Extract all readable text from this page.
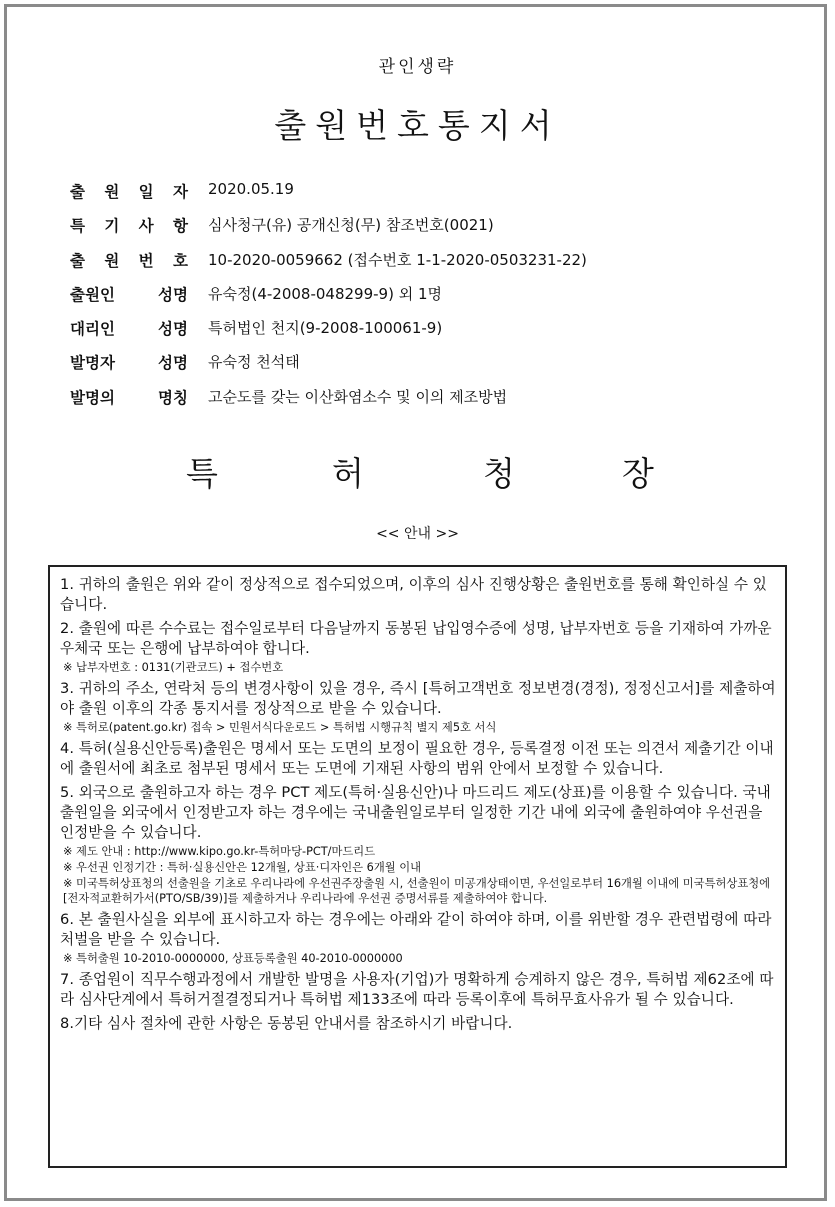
관인생략
출원번호통지서
출 원 일 자 2020.05.19
특 기 사 항 심사청구(유) 공개신청(무) 참조번호(0021)
출 원 번 호 10-2020-0059662 (접수번호 1-1-2020-0503231-22)
출원인	성명 유숙정(4-2008-048299-9) 외 1명
대리인	성명 특허법인 천지(9-2008-100061-9)
발명자	성명 유숙정 천석태
발명의	명칭 고순도를 갖는 이산화염소수 및 이의 제조방법
특	허	청	장
<< 안내 >>

1. 귀하의 출원은 위와 같이 정상적으로 접수되었으며, 이후의 심사 진행상황은 출원번호를 통해 확인하실 수 있습니다.

2. 출원에 따른 수수료는 접수일로부터 다음날까지 동봉된 납입영수증에 성명, 납부자번호 등을 기재하여 가까운 우체국 또는 은행에 납부하여야 합니다.

※ 납부자번호 : 0131(기관코드) + 접수번호

3. 귀하의 주소, 연락처 등의 변경사항이 있을 경우, 즉시 [특허고객번호 정보변경(경정), 정정신고서]를 제출하여야 출원 이후의 각종 통지서를 정상적으로 받을 수 있습니다.

※ 특허로(patent.go.kr) 접속 > 민원서식다운로드 > 특허법 시행규칙 별지 제5호 서식

4. 특허(실용신안등록)출원은 명세서 또는 도면의 보정이 필요한 경우, 등록결정 이전 또는 의견서 제출기간 이내에 출원서에 최초로 첨부된 명세서 또는 도면에 기재된 사항의 범위 안에서 보정할 수 있습니다.

5. 외국으로 출원하고자 하는 경우 PCT 제도(특허·실용신안)나 마드리드 제도(상표)를 이용할 수 있습니다. 국내출원일을 외국에서 인정받고자 하는 경우에는 국내출원일로부터 일정한 기간 내에 외국에 출원하여야 우선권을 인정받을 수 있습니다.

※ 제도 안내 : http://www.kipo.go.kr-특허마당-PCT/마드리드

※ 우선권 인정기간 : 특허·실용신안은 12개월, 상표·디자인은 6개월 이내

※ 미국특허상표청의 선출원을 기초로 우리나라에 우선권주장출원 시, 선출원이 미공개상태이면, 우선일로부터 16개월 이내에 미국특허상표청에 [전자적교환허가서(PTO/SB/39)]를 제출하거나 우리나라에 우선권 증명서류를 제출하여야 합니다.

6. 본 출원사실을 외부에 표시하고자 하는 경우에는 아래와 같이 하여야 하며, 이를 위반할 경우 관련법령에 따라 처벌을 받을 수 있습니다.

※ 특허출원 10-2010-0000000, 상표등록출원 40-2010-0000000

7. 종업원이 직무수행과정에서 개발한 발명을 사용자(기업)가 명확하게 승계하지 않은 경우, 특허법 제62조에 따라 심사단계에서 특허거절결정되거나 특허법 제133조에 따라 등록이후에 특허무효사유가 될 수 있습니다.

8.기타 심사 절차에 관한 사항은 동봉된 안내서를 참조하시기 바랍니다.
